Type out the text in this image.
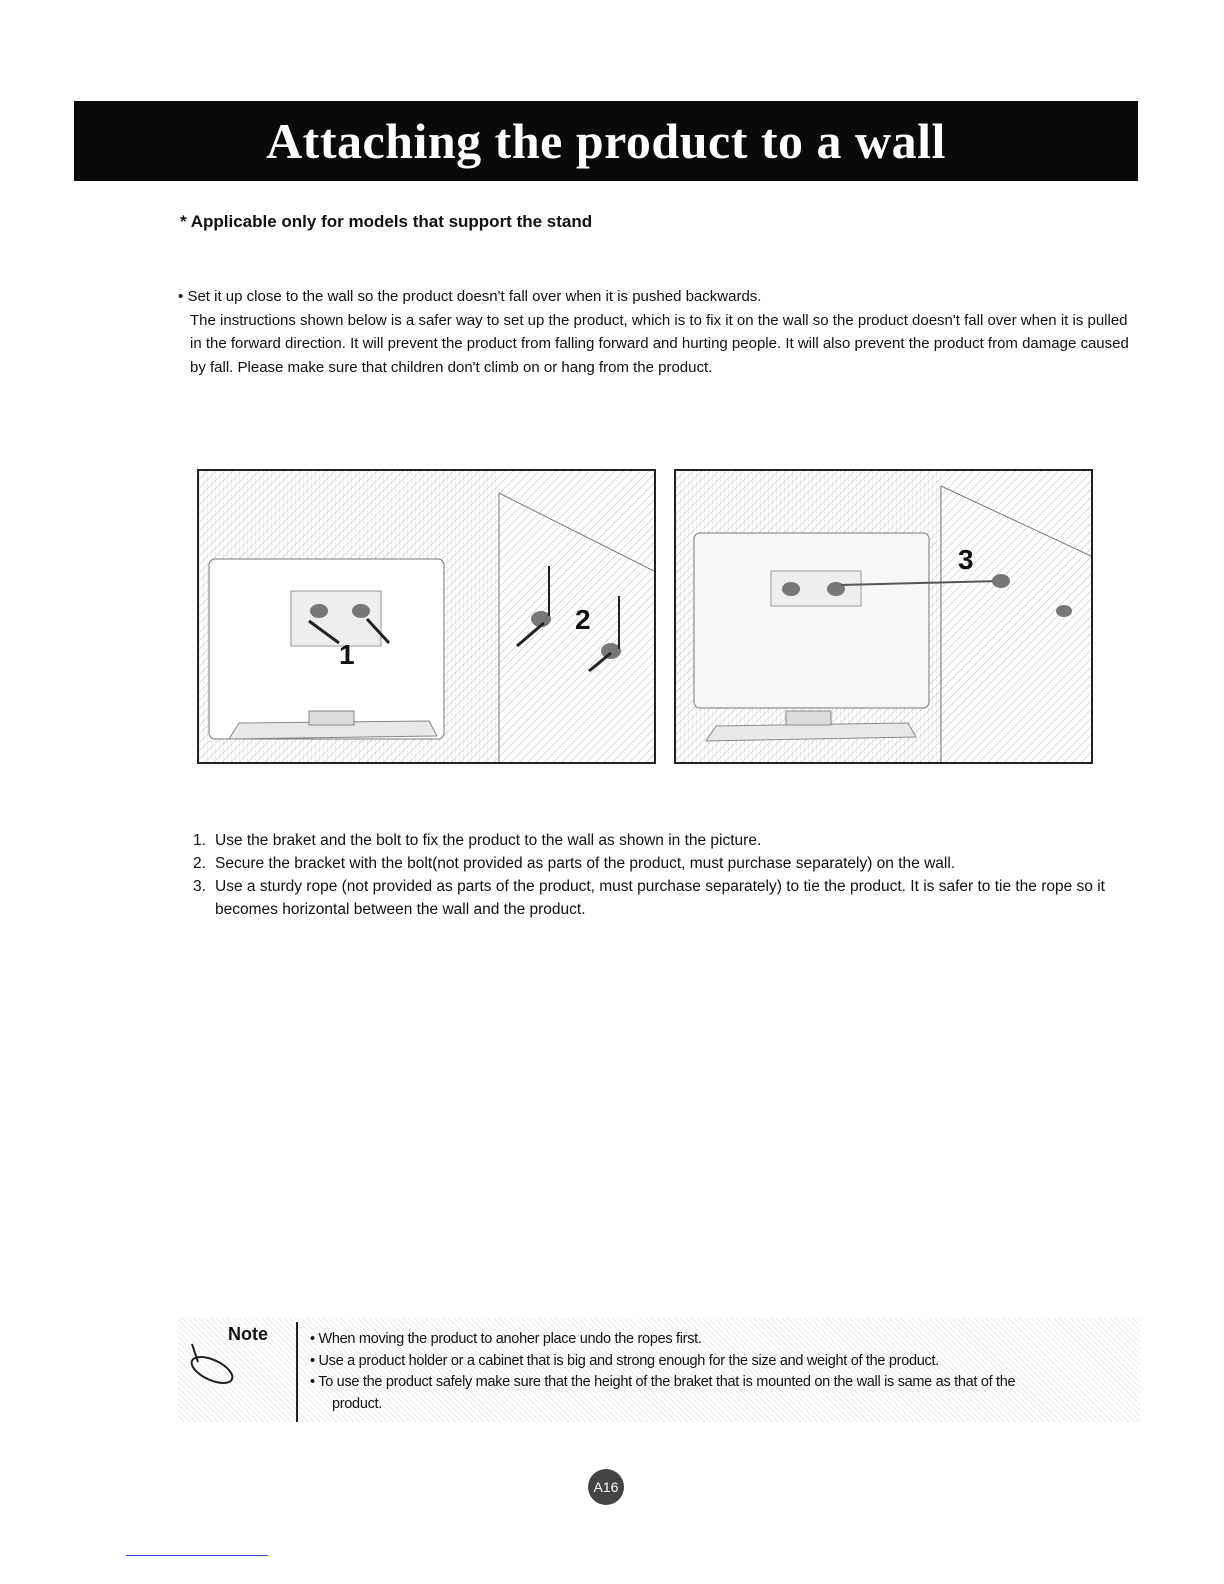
Attaching the product to a wall
* Applicable only for models that support the stand
• Set it up close to the wall so the product doesn't fall over when it is pushed backwards.
The instructions shown below is a safer way to set up the product, which is to fix it on the wall so the product doesn't fall over when it is pulled in the forward direction. It will prevent the product from falling forward and hurting people. It will also prevent the product from damage caused by fall. Please make sure that children don't climb on or hang from the product.
1
2
3
1. Use the braket and the bolt to fix the product to the wall as shown in the picture.
2. Secure the bracket with the bolt(not provided as parts of the product, must purchase separately) on the wall.
3. Use a sturdy rope (not provided as parts of the product, must purchase separately) to tie the product. It is safer to tie the rope so it becomes horizontal between the wall and the product.
Note	• When moving the product to anoher place undo the ropes first.
• Use a product holder or a cabinet that is big and strong enough for the size and weight of the product.
• To use the product safely make sure that the height of the braket that is mounted on the wall is same as that of the
product.
A16
